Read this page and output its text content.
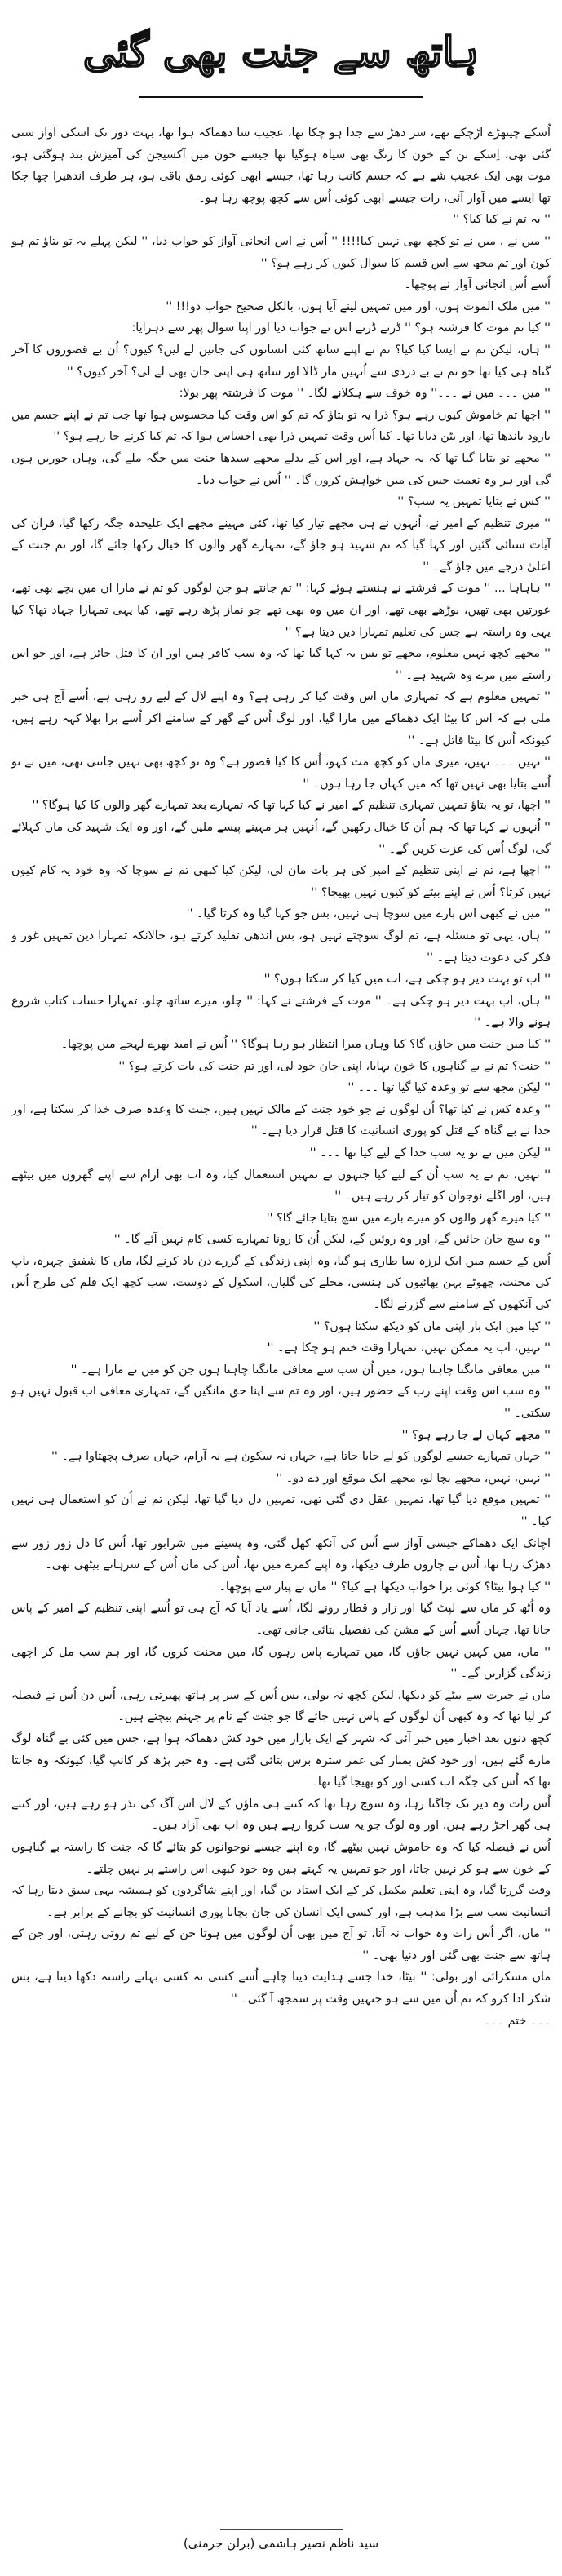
ہاتھ سے جنت بھی گئی

اُسکے چیتھڑے اڑچکے تھے، سر دھڑ سے جدا ہو چکا تھا، عجیب سا دھماکہ ہوا تھا، بہت دور تک اسکی آواز سنی گئی تھی، اِسکے تن کے خون کا رنگ بھی سیاہ ہوگیا تھا جیسے خون میں آکسیجن کی آمیزش بند ہوگئی ہو، موت بھی ایک عجیب شے ہے کہ جسم کانپ رہا تھا، جیسے ابھی کوئی رمق باقی ہو، ہر طرف اندھیرا چھا چکا تھا ایسے میں آواز آئی، رات جیسے ابھی کوئی اُس سے کچھ پوچھ رہا ہو۔

'' یہ تم نے کیا کیا؟ ''

'' میں نے ، میں نے تو کچھ بھی نہیں کیا!!!! '' اُس نے اس انجانی آواز کو جواب دیا، '' لیکن پہلے یہ تو بتاؤ تم ہو کون اور تم مجھ سے اِس قسم کا سوال کیوں کر رہے ہو؟ ''

اُسے اُس انجانی آواز نے پوچھا۔

'' میں ملک الموت ہوں، اور میں تمہیں لینے آیا ہوں، بالکل صحیح جواب دو!!! ''

'' کیا تم موت کا فرشتہ ہو؟ '' ڈرتے ڈرتے اس نے جواب دیا اور اپنا سوال پھر سے دہرایا:

'' ہاں، لیکن تم نے ایسا کیا کیا؟ تم نے اپنے ساتھ کئی انسانوں کی جانیں لے لیں؟ کیوں؟ اُن بے قصوروں کا آخر گناہ ہی کیا تھا جو تم نے بے دردی سے اُنہیں مار ڈالا اور ساتھ ہی اپنی جان بھی لے لی؟ آخر کیوں؟ ''

'' میں ۔۔۔ میں نے ۔۔۔'' وہ خوف سے ہکلانے لگا۔ '' موت کا فرشتہ پھر بولا:

'' اچھا تم خاموش کیوں رہے ہو؟ ذرا یہ تو بتاؤ کہ تم کو اس وقت کیا محسوس ہوا تھا جب تم نے اپنے جسم میں بارود باندھا تھا، اور بٹن دبایا تھا۔ کیا اُس وقت تمہیں ذرا بھی احساس ہوا کہ تم کیا کرنے جا رہے ہو؟ ''

'' مجھے تو بتایا گیا تھا کہ یہ جہاد ہے، اور اس کے بدلے مجھے سیدھا جنت میں جگہ ملے گی، وہاں حوریں ہوں گی اور ہر وہ نعمت جس کی میں خواہش کروں گا۔ '' اُس نے جواب دیا۔

'' کس نے بتایا تمہیں یہ سب؟ ''

'' میری تنظیم کے امیر نے، اُنہوں نے ہی مجھے تیار کیا تھا، کئی مہینے مجھے ایک علیحدہ جگہ رکھا گیا، قرآن کی آیات سنائی گئیں اور کہا گیا کہ تم شہید ہو جاؤ گے، تمہارے گھر والوں کا خیال رکھا جائے گا، اور تم جنت کے اعلیٰ درجے میں جاؤ گے۔ ''

'' ہاہاہا ... '' موت کے فرشتے نے ہنستے ہوئے کہا: '' تم جانتے ہو جن لوگوں کو تم نے مارا ان میں بچے بھی تھے، عورتیں بھی تھیں، بوڑھے بھی تھے، اور ان میں وہ بھی تھے جو نماز پڑھ رہے تھے، کیا یہی تمہارا جہاد تھا؟ کیا یہی وہ راستہ ہے جس کی تعلیم تمہارا دین دیتا ہے؟ ''

'' مجھے کچھ نہیں معلوم، مجھے تو بس یہ کہا گیا تھا کہ وہ سب کافر ہیں اور ان کا قتل جائز ہے، اور جو اس راستے میں مرے وہ شہید ہے۔ ''

'' تمہیں معلوم ہے کہ تمہاری ماں اس وقت کیا کر رہی ہے؟ وہ اپنے لال کے لیے رو رہی ہے، اُسے آج ہی خبر ملی ہے کہ اس کا بیٹا ایک دھماکے میں مارا گیا، اور لوگ اُس کے گھر کے سامنے آکر اُسے برا بھلا کہہ رہے ہیں، کیونکہ اُس کا بیٹا قاتل ہے۔ ''

'' نہیں ۔۔۔ نہیں، میری ماں کو کچھ مت کہو، اُس کا کیا قصور ہے؟ وہ تو کچھ بھی نہیں جانتی تھی، میں نے تو اُسے بتایا بھی نہیں تھا کہ میں کہاں جا رہا ہوں۔ ''

'' اچھا، تو یہ بتاؤ تمہیں تمہاری تنظیم کے امیر نے کیا کہا تھا کہ تمہارے بعد تمہارے گھر والوں کا کیا ہوگا؟ ''

'' اُنہوں نے کہا تھا کہ ہم اُن کا خیال رکھیں گے، اُنہیں ہر مہینے پیسے ملیں گے، اور وہ ایک شہید کی ماں کہلائے گی، لوگ اُس کی عزت کریں گے۔ ''

'' اچھا ہے، تم نے اپنی تنظیم کے امیر کی ہر بات مان لی، لیکن کیا کبھی تم نے سوچا کہ وہ خود یہ کام کیوں نہیں کرتا؟ اُس نے اپنے بیٹے کو کیوں نہیں بھیجا؟ ''

'' میں نے کبھی اس بارے میں سوچا ہی نہیں، بس جو کہا گیا وہ کرتا گیا۔ ''

'' ہاں، یہی تو مسئلہ ہے، تم لوگ سوچتے نہیں ہو، بس اندھی تقلید کرتے ہو، حالانکہ تمہارا دین تمہیں غور و فکر کی دعوت دیتا ہے۔ ''

'' اب تو بہت دیر ہو چکی ہے، اب میں کیا کر سکتا ہوں؟ ''

'' ہاں، اب بہت دیر ہو چکی ہے۔ '' موت کے فرشتے نے کہا: '' چلو، میرے ساتھ چلو، تمہارا حساب کتاب شروع ہونے والا ہے۔ ''

'' کیا میں جنت میں جاؤں گا؟ کیا وہاں میرا انتظار ہو رہا ہوگا؟ '' اُس نے امید بھرے لہجے میں پوچھا۔

'' جنت؟ تم نے بے گناہوں کا خون بہایا، اپنی جان خود لی، اور تم جنت کی بات کرتے ہو؟ ''

'' لیکن مجھ سے تو وعدہ کیا گیا تھا ۔۔۔ ''

'' وعدہ کس نے کیا تھا؟ اُن لوگوں نے جو خود جنت کے مالک نہیں ہیں، جنت کا وعدہ صرف خدا کر سکتا ہے، اور خدا نے بے گناہ کے قتل کو پوری انسانیت کا قتل قرار دیا ہے۔ ''

'' لیکن میں نے تو یہ سب خدا کے لیے کیا تھا ۔۔۔ ''

'' نہیں، تم نے یہ سب اُن کے لیے کیا جنہوں نے تمہیں استعمال کیا، وہ اب بھی آرام سے اپنے گھروں میں بیٹھے ہیں، اور اگلے نوجوان کو تیار کر رہے ہیں۔ ''

'' کیا میرے گھر والوں کو میرے بارے میں سچ بتایا جائے گا؟ ''

'' وہ سچ جان جائیں گے، اور وہ روئیں گے، لیکن اُن کا رونا تمہارے کسی کام نہیں آئے گا۔ ''

اُس کے جسم میں ایک لرزہ سا طاری ہو گیا، وہ اپنی زندگی کے گزرے دن یاد کرنے لگا، ماں کا شفیق چہرہ، باپ کی محنت، چھوٹے بہن بھائیوں کی ہنسی، محلے کی گلیاں، اسکول کے دوست، سب کچھ ایک فلم کی طرح اُس کی آنکھوں کے سامنے سے گزرنے لگا۔

'' کیا میں ایک بار اپنی ماں کو دیکھ سکتا ہوں؟ ''

'' نہیں، اب یہ ممکن نہیں، تمہارا وقت ختم ہو چکا ہے۔ ''

'' میں معافی مانگنا چاہتا ہوں، میں اُن سب سے معافی مانگنا چاہتا ہوں جن کو میں نے مارا ہے۔ ''

'' وہ سب اس وقت اپنے رب کے حضور ہیں، اور وہ تم سے اپنا حق مانگیں گے، تمہاری معافی اب قبول نہیں ہو سکتی۔ ''

'' مجھے کہاں لے جا رہے ہو؟ ''

'' جہاں تمہارے جیسے لوگوں کو لے جایا جاتا ہے، جہاں نہ سکون ہے نہ آرام، جہاں صرف پچھتاوا ہے۔ ''

'' نہیں، نہیں، مجھے بچا لو، مجھے ایک موقع اور دے دو۔ ''

'' تمہیں موقع دیا گیا تھا، تمہیں عقل دی گئی تھی، تمہیں دل دیا گیا تھا، لیکن تم نے اُن کو استعمال ہی نہیں کیا۔ ''

اچانک ایک دھماکے جیسی آواز سے اُس کی آنکھ کھل گئی، وہ پسینے میں شرابور تھا، اُس کا دل زور زور سے دھڑک رہا تھا، اُس نے چاروں طرف دیکھا، وہ اپنے کمرے میں تھا، اُس کی ماں اُس کے سرہانے بیٹھی تھی۔

'' کیا ہوا بیٹا؟ کوئی برا خواب دیکھا ہے کیا؟ '' ماں نے پیار سے پوچھا۔

وہ اُٹھ کر ماں سے لپٹ گیا اور زار و قطار رونے لگا، اُسے یاد آیا کہ آج ہی تو اُسے اپنی تنظیم کے امیر کے پاس جانا تھا، جہاں اُسے اُس کے مشن کی تفصیل بتائی جانی تھی۔

'' ماں، میں کہیں نہیں جاؤں گا، میں تمہارے پاس رہوں گا، میں محنت کروں گا، اور ہم سب مل کر اچھی زندگی گزاریں گے۔ ''

ماں نے حیرت سے بیٹے کو دیکھا، لیکن کچھ نہ بولی، بس اُس کے سر پر ہاتھ پھیرتی رہی، اُس دن اُس نے فیصلہ کر لیا تھا کہ وہ کبھی اُن لوگوں کے پاس نہیں جائے گا جو جنت کے نام پر جہنم بیچتے ہیں۔

کچھ دنوں بعد اخبار میں خبر آئی کہ شہر کے ایک بازار میں خود کش دھماکہ ہوا ہے، جس میں کئی بے گناہ لوگ مارے گئے ہیں، اور خود کش بمبار کی عمر سترہ برس بتائی گئی ہے۔ وہ خبر پڑھ کر کانپ گیا، کیونکہ وہ جانتا تھا کہ اُس کی جگہ اب کسی اور کو بھیجا گیا تھا۔

اُس رات وہ دیر تک جاگتا رہا، وہ سوچ رہا تھا کہ کتنے ہی ماؤں کے لال اس آگ کی نذر ہو رہے ہیں، اور کتنے ہی گھر اجڑ رہے ہیں، اور وہ لوگ جو یہ سب کروا رہے ہیں وہ اب بھی آزاد ہیں۔

اُس نے فیصلہ کیا کہ وہ خاموش نہیں بیٹھے گا، وہ اپنے جیسے نوجوانوں کو بتائے گا کہ جنت کا راستہ بے گناہوں کے خون سے ہو کر نہیں جاتا، اور جو تمہیں یہ کہتے ہیں وہ خود کبھی اس راستے پر نہیں چلتے۔

وقت گزرتا گیا، وہ اپنی تعلیم مکمل کر کے ایک استاد بن گیا، اور اپنے شاگردوں کو ہمیشہ یہی سبق دیتا رہا کہ انسانیت سب سے بڑا مذہب ہے، اور کسی ایک انسان کی جان بچانا پوری انسانیت کو بچانے کے برابر ہے۔

'' ماں، اگر اُس رات وہ خواب نہ آتا، تو آج میں بھی اُن لوگوں میں ہوتا جن کے لیے تم روتی رہتی، اور جن کے ہاتھ سے جنت بھی گئی اور دنیا بھی۔ ''

ماں مسکرائی اور بولی: '' بیٹا، خدا جسے ہدایت دینا چاہے اُسے کسی نہ کسی بہانے راستہ دکھا دیتا ہے، بس شکر ادا کرو کہ تم اُن میں سے ہو جنہیں وقت پر سمجھ آ گئی۔ ''

۔۔۔ ختم ۔۔۔

سید ناظم نصیر ہاشمی (برلن جرمنی)
